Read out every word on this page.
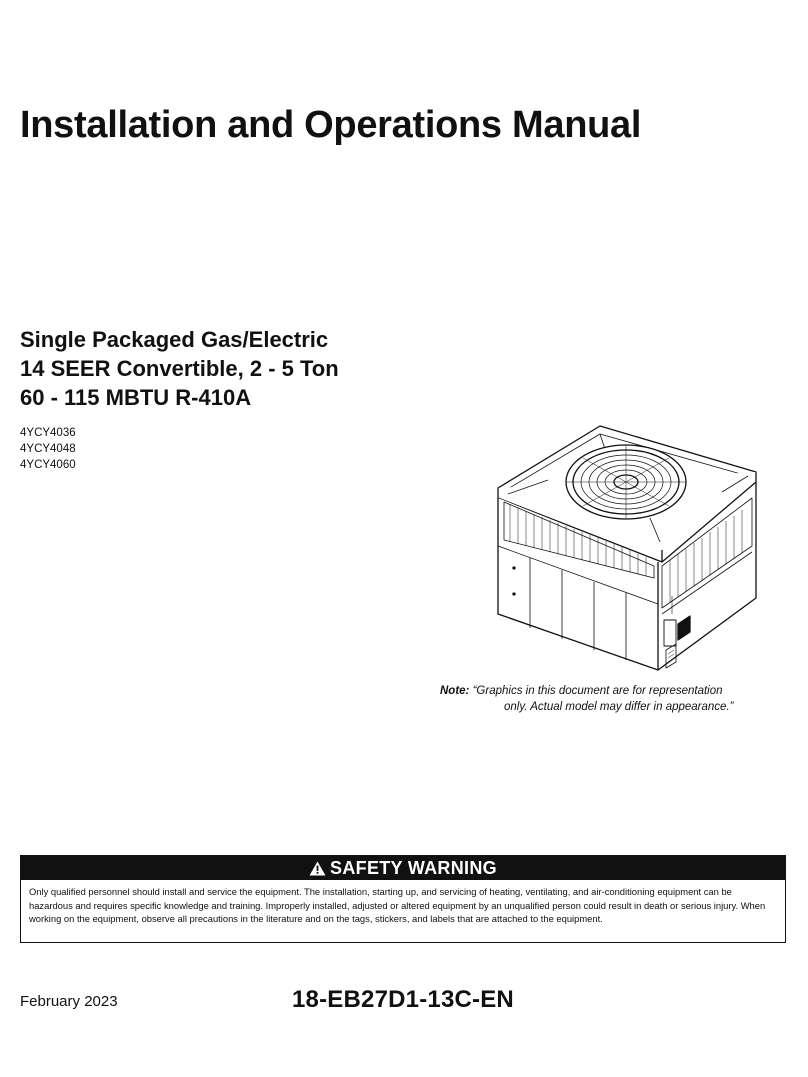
Installation and Operations Manual
Single Packaged Gas/Electric
14 SEER Convertible, 2 - 5 Ton
60 - 115 MBTU R-410A
4YCY4036
4YCY4048
4YCY4060
Note: “Graphics in this document are for representation
only. Actual model may differ in appearance.”
SAFETY WARNING
Only qualified personnel should install and service the equipment. The installation, starting up, and servicing of heating, ventilating, and air-conditioning equipment can be hazardous and requires specific knowledge and training. Improperly installed, adjusted or altered equipment by an unqualified person could result in death or serious injury. When working on the equipment, observe all precautions in the literature and on the tags, stickers, and labels that are attached to the equipment.
February 2023	18-EB27D1-13C-EN
